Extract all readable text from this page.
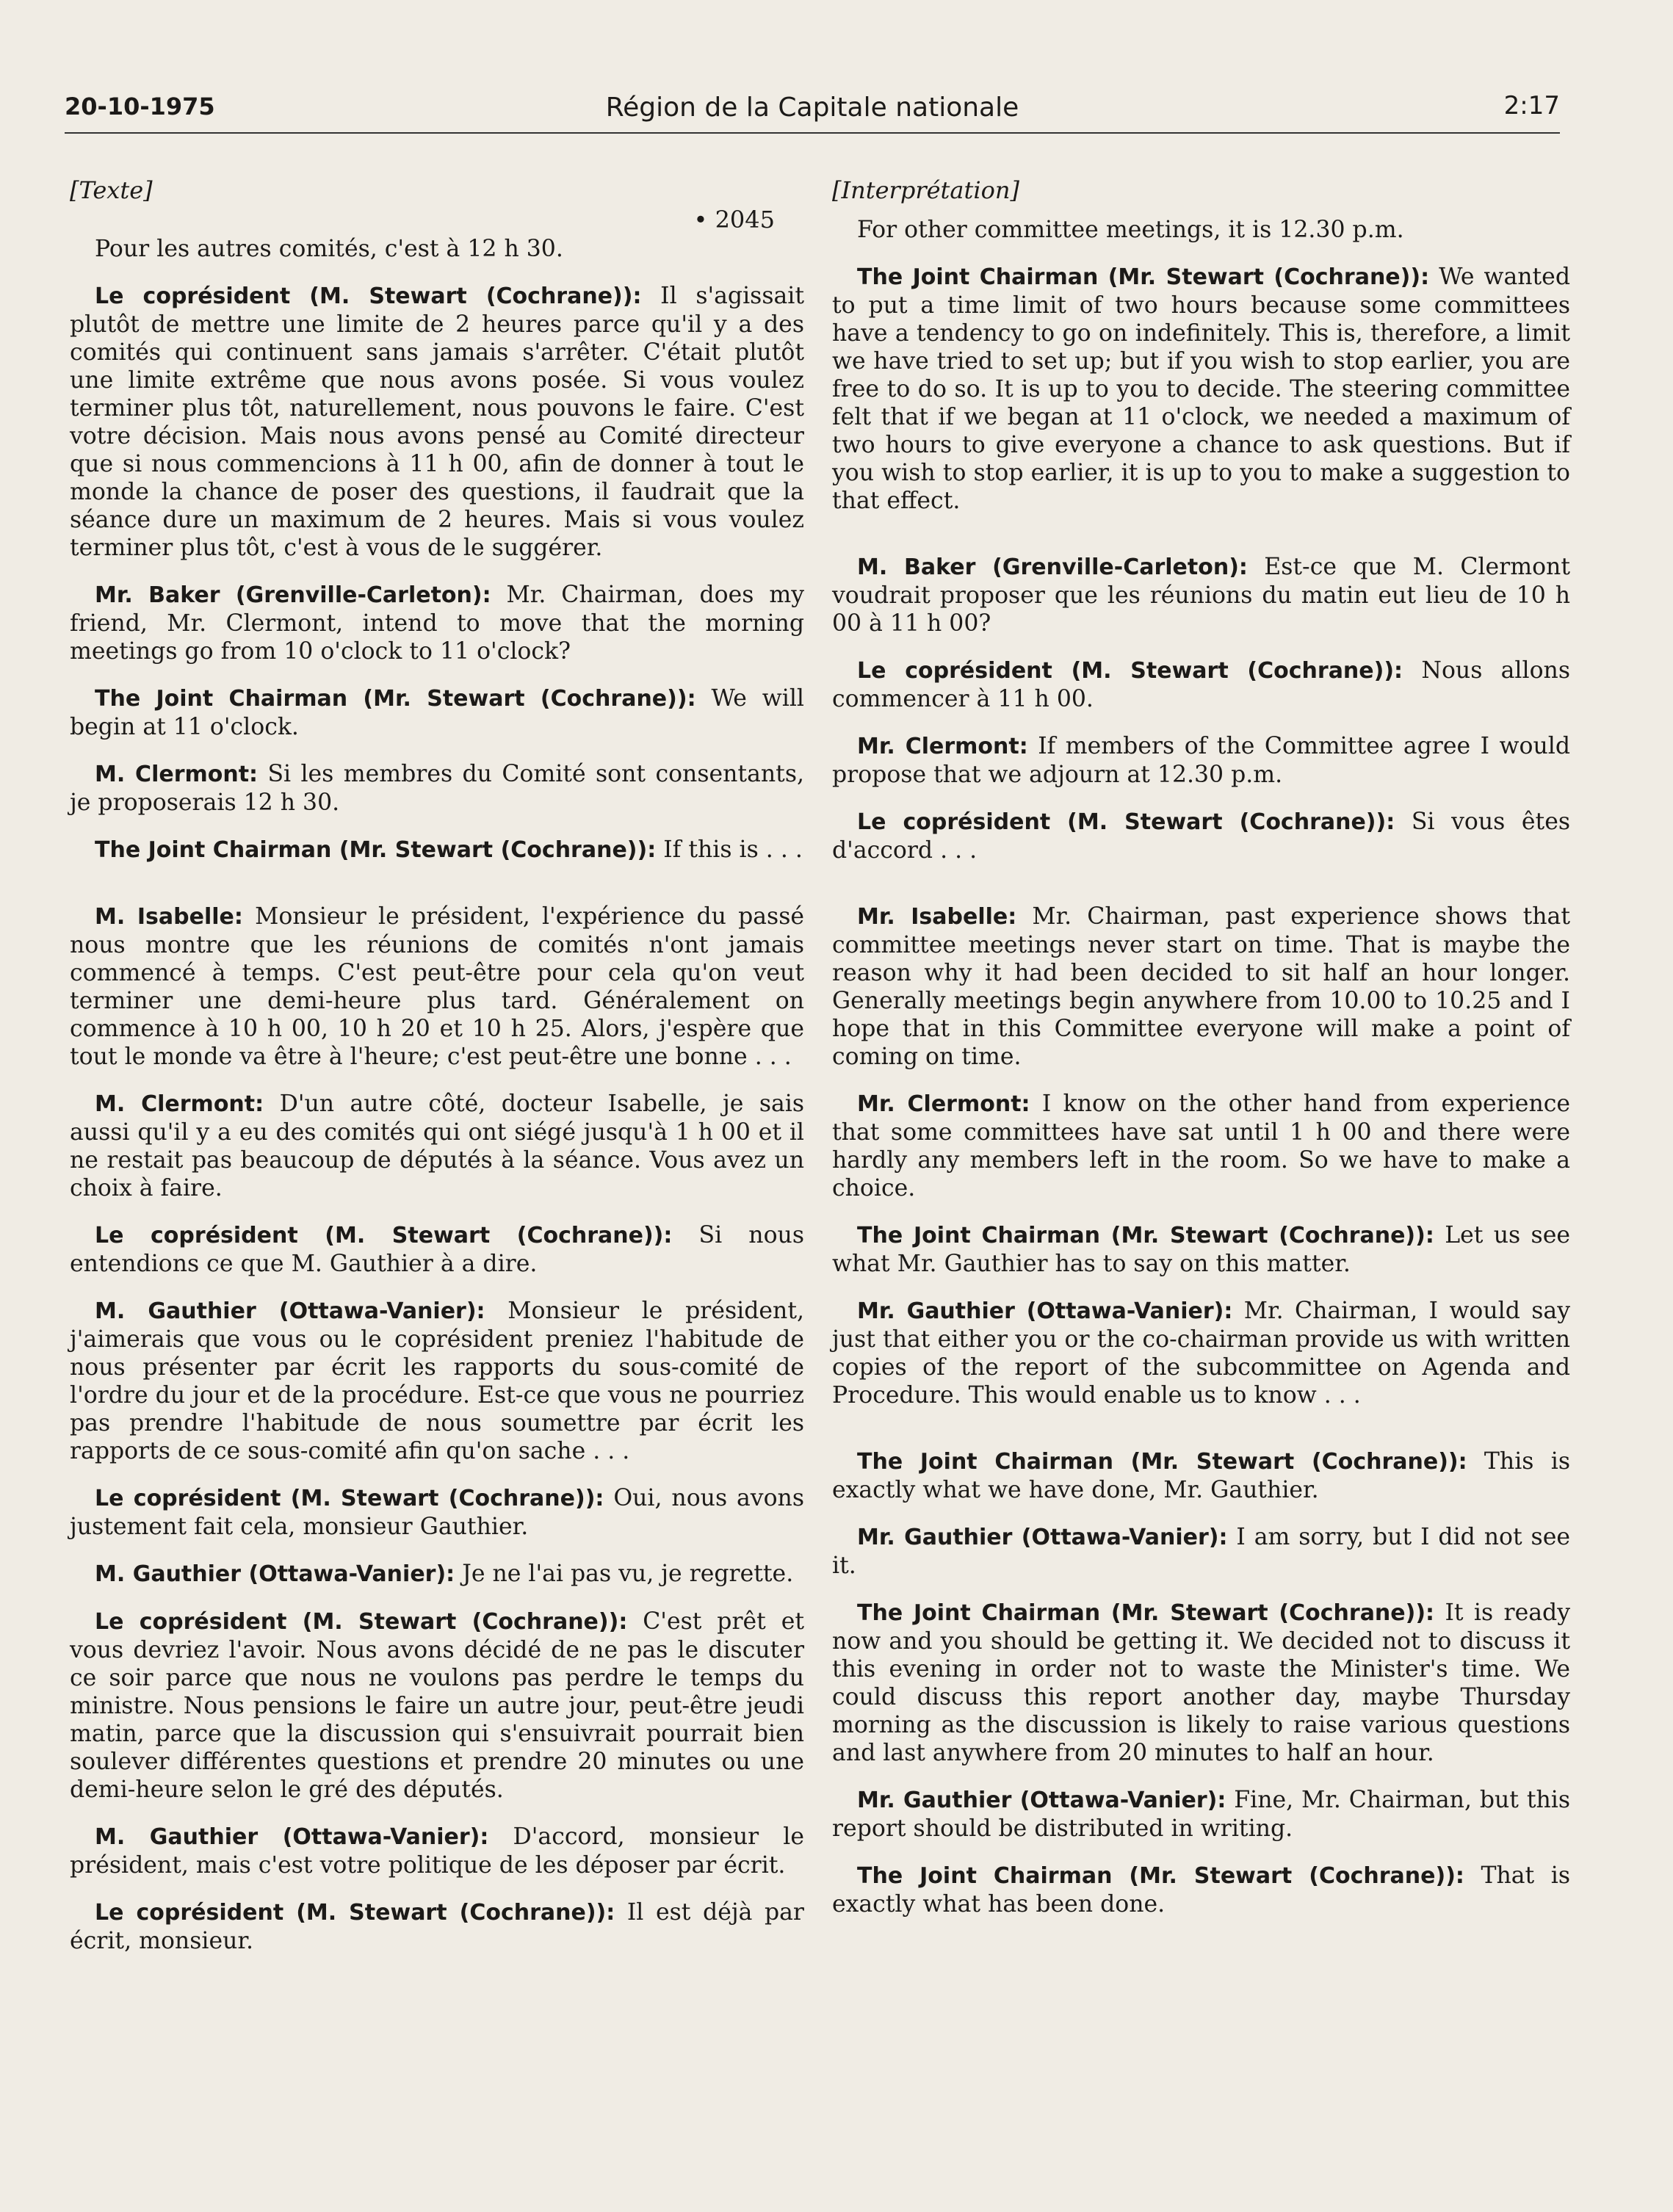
20-10-1975	Région de la Capitale nationale	2:17
[Texte]
• 2045

Pour les autres comités, c'est à 12 h 30.

Le coprésident (M. Stewart (Cochrane)): Il s'agissait plutôt de mettre une limite de 2 heures parce qu'il y a des comités qui continuent sans jamais s'arrêter. C'était plutôt une limite extrême que nous avons posée. Si vous voulez terminer plus tôt, naturellement, nous pouvons le faire. C'est votre décision. Mais nous avons pensé au Comité directeur que si nous commencions à 11 h 00, afin de donner à tout le monde la chance de poser des questions, il faudrait que la séance dure un maximum de 2 heures. Mais si vous voulez terminer plus tôt, c'est à vous de le suggérer.

Mr. Baker (Grenville-Carleton): Mr. Chairman, does my friend, Mr. Clermont, intend to move that the morning meetings go from 10 o'clock to 11 o'clock?

The Joint Chairman (Mr. Stewart (Cochrane)): We will begin at 11 o'clock.

M. Clermont: Si les membres du Comité sont consentants, je proposerais 12 h 30.

The Joint Chairman (Mr. Stewart (Cochrane)): If this is . . .

M. Isabelle: Monsieur le président, l'expérience du passé nous montre que les réunions de comités n'ont jamais commencé à temps. C'est peut-être pour cela qu'on veut terminer une demi-heure plus tard. Généralement on commence à 10 h 00, 10 h 20 et 10 h 25. Alors, j'espère que tout le monde va être à l'heure; c'est peut-être une bonne . . .

M. Clermont: D'un autre côté, docteur Isabelle, je sais aussi qu'il y a eu des comités qui ont siégé jusqu'à 1 h 00 et il ne restait pas beaucoup de députés à la séance. Vous avez un choix à faire.

Le coprésident (M. Stewart (Cochrane)): Si nous entendions ce que M. Gauthier à a dire.

M. Gauthier (Ottawa-Vanier): Monsieur le président, j'aimerais que vous ou le coprésident preniez l'habitude de nous présenter par écrit les rapports du sous-comité de l'ordre du jour et de la procédure. Est-ce que vous ne pourriez pas prendre l'habitude de nous soumettre par écrit les rapports de ce sous-comité afin qu'on sache . . .

Le coprésident (M. Stewart (Cochrane)): Oui, nous avons justement fait cela, monsieur Gauthier.

M. Gauthier (Ottawa-Vanier): Je ne l'ai pas vu, je regrette.

Le coprésident (M. Stewart (Cochrane)): C'est prêt et vous devriez l'avoir. Nous avons décidé de ne pas le discuter ce soir parce que nous ne voulons pas perdre le temps du ministre. Nous pensions le faire un autre jour, peut-être jeudi matin, parce que la discussion qui s'ensuivrait pourrait bien soulever différentes questions et prendre 20 minutes ou une demi-heure selon le gré des députés.

M. Gauthier (Ottawa-Vanier): D'accord, monsieur le président, mais c'est votre politique de les déposer par écrit.

Le coprésident (M. Stewart (Cochrane)): Il est déjà par écrit, monsieur.

[Interprétation]

For other committee meetings, it is 12.30 p.m.

The Joint Chairman (Mr. Stewart (Cochrane)): We wanted to put a time limit of two hours because some committees have a tendency to go on indefinitely. This is, therefore, a limit we have tried to set up; but if you wish to stop earlier, you are free to do so. It is up to you to decide. The steering committee felt that if we began at 11 o'clock, we needed a maximum of two hours to give everyone a chance to ask questions. But if you wish to stop earlier, it is up to you to make a suggestion to that effect.

M. Baker (Grenville-Carleton): Est-ce que M. Clermont voudrait proposer que les réunions du matin eut lieu de 10 h 00 à 11 h 00?

Le coprésident (M. Stewart (Cochrane)): Nous allons commencer à 11 h 00.

Mr. Clermont: If members of the Committee agree I would propose that we adjourn at 12.30 p.m.

Le coprésident (M. Stewart (Cochrane)): Si vous êtes d'accord . . .

Mr. Isabelle: Mr. Chairman, past experience shows that committee meetings never start on time. That is maybe the reason why it had been decided to sit half an hour longer. Generally meetings begin anywhere from 10.00 to 10.25 and I hope that in this Committee everyone will make a point of coming on time.

Mr. Clermont: I know on the other hand from experience that some committees have sat until 1 h 00 and there were hardly any members left in the room. So we have to make a choice.

The Joint Chairman (Mr. Stewart (Cochrane)): Let us see what Mr. Gauthier has to say on this matter.

Mr. Gauthier (Ottawa-Vanier): Mr. Chairman, I would say just that either you or the co-chairman provide us with written copies of the report of the subcommittee on Agenda and Procedure. This would enable us to know . . .

The Joint Chairman (Mr. Stewart (Cochrane)): This is exactly what we have done, Mr. Gauthier.

Mr. Gauthier (Ottawa-Vanier): I am sorry, but I did not see it.

The Joint Chairman (Mr. Stewart (Cochrane)): It is ready now and you should be getting it. We decided not to discuss it this evening in order not to waste the Minister's time. We could discuss this report another day, maybe Thursday morning as the discussion is likely to raise various questions and last anywhere from 20 minutes to half an hour.

Mr. Gauthier (Ottawa-Vanier): Fine, Mr. Chairman, but this report should be distributed in writing.

The Joint Chairman (Mr. Stewart (Cochrane)): That is exactly what has been done.
